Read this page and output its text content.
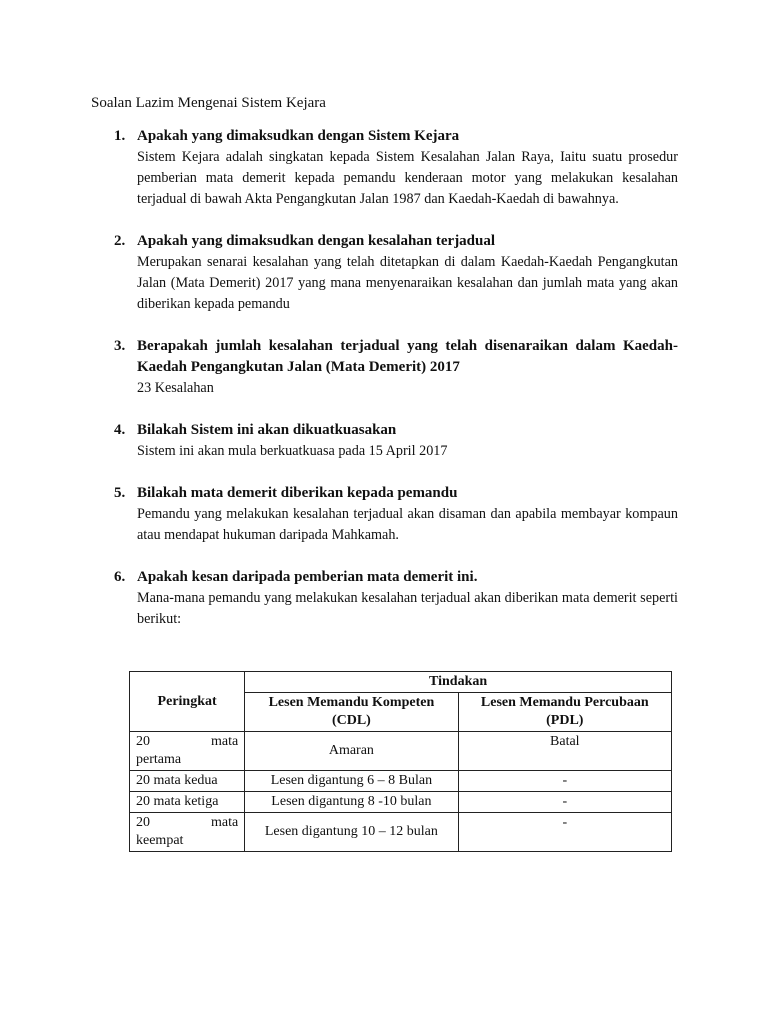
Soalan Lazim Mengenai Sistem Kejara
1. Apakah yang dimaksudkan dengan Sistem Kejara
Sistem Kejara adalah singkatan kepada Sistem Kesalahan Jalan Raya, Iaitu suatu prosedur pemberian mata demerit kepada pemandu kenderaan motor yang melakukan kesalahan terjadual di bawah Akta Pengangkutan Jalan 1987 dan Kaedah-Kaedah di bawahnya.
2. Apakah yang dimaksudkan dengan kesalahan terjadual
Merupakan senarai kesalahan yang telah ditetapkan di dalam Kaedah-Kaedah Pengangkutan Jalan (Mata Demerit) 2017 yang mana menyenaraikan kesalahan dan jumlah mata yang akan diberikan kepada pemandu
3. Berapakah jumlah kesalahan terjadual yang telah disenaraikan dalam Kaedah-Kaedah Pengangkutan Jalan (Mata Demerit) 2017
23 Kesalahan
4. Bilakah Sistem ini akan dikuatkuasakan
Sistem ini akan mula berkuatkuasa pada 15 April 2017
5. Bilakah mata demerit diberikan kepada pemandu
Pemandu yang melakukan kesalahan terjadual akan disaman dan apabila membayar kompaun atau mendapat hukuman daripada Mahkamah.
6. Apakah kesan daripada pemberian mata demerit ini.
Mana-mana pemandu yang melakukan kesalahan terjadual akan diberikan mata demerit seperti berikut:
Peringkat	Tindakan	
	Lesen Memandu Kompeten (CDL)	Lesen Memandu Percubaan (PDL)

20 mata
pertama	Amaran	Batal
20 mata kedua	Lesen digantung 6 – 8 Bulan	-
20 mata ketiga	Lesen digantung 8 -10 bulan	-

20 mata
keempat	Lesen digantung 10 – 12 bulan	-
